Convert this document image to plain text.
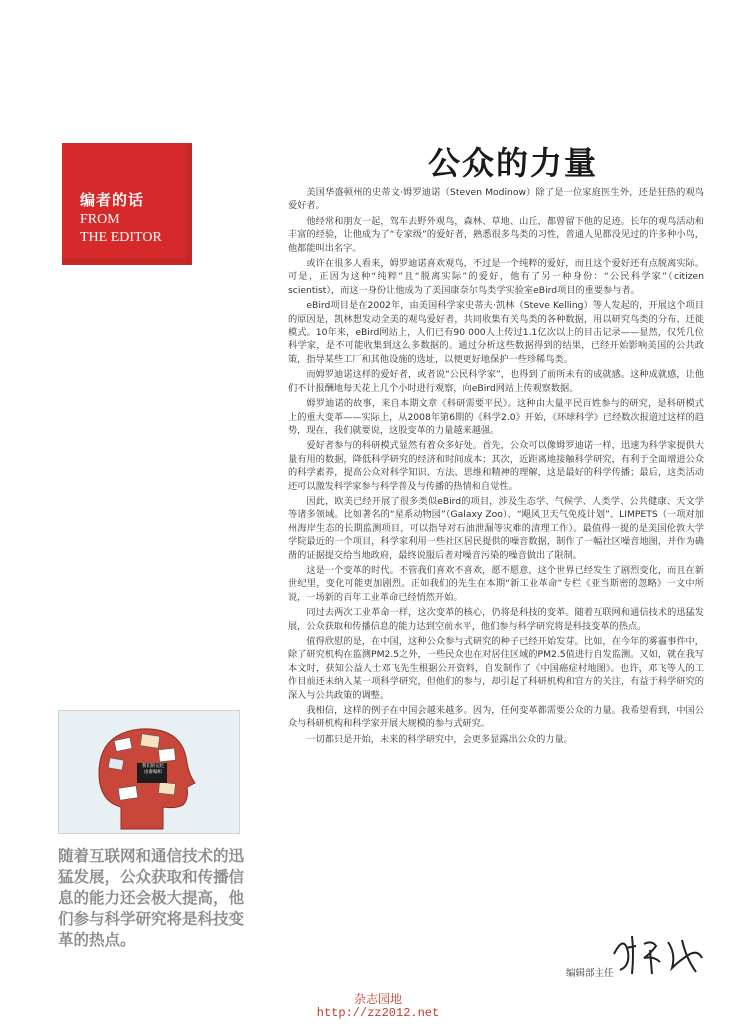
编者的话
FROM
THE EDITOR
公众的力量

美国华盛顿州的史蒂文·姆罗迪诺（Steven Modinow）除了是一位家庭医生外，还是狂热的观鸟爱好者。

他经常和朋友一起，驾车去野外观鸟，森林、草地、山丘，都曾留下他的足迹。长年的观鸟活动和丰富的经验，让他成为了“专家级”的爱好者，熟悉很多鸟类的习性，普通人见都没见过的许多种小鸟，他都能叫出名字。

或许在很多人看来，姆罗迪诺喜欢观鸟，不过是一个纯粹的爱好，而且这个爱好还有点脱离实际。可是，正因为这种“纯粹”且“脱离实际”的爱好，他有了另一种身份：“公民科学家”（citizen scientist），而这一身份让他成为了美国康奈尔鸟类学实验室eBird项目的重要参与者。

eBird项目是在2002年，由美国科学家史蒂夫·凯林（Steve Kelling）等人发起的，开展这个项目的原因是，凯林想发动全美的观鸟爱好者，共同收集有关鸟类的各种数据，用以研究鸟类的分布、迁徙模式。10年来，eBird网站上，人们已有90 000人上传过1.1亿次以上的目击记录——显然，仅凭几位科学家，是不可能收集到这么多数据的。通过分析这些数据得到的结果，已经开始影响美国的公共政策，指导某些工厂和其他设施的选址，以便更好地保护一些珍稀鸟类。

而姆罗迪诺这样的爱好者，或者说“公民科学家”，也得到了前所未有的成就感。这种成就感，让他们不计报酬地每天花上几个小时进行观察，向eBird网站上传观察数据。

姆罗迪诺的故事，来自本期文章《科研需要平民》。这种由大量平民百姓参与的研究，是科研模式上的重大变革——实际上，从2008年第6期的《科学2.0》开始，《环球科学》已经数次报道过这样的趋势，现在，我们就要说，这股变革的力量越来越强。

爱好者参与的科研模式显然有着众多好处。首先，公众可以像姆罗迪诺一样，迅速为科学家提供大量有用的数据，降低科学研究的经济和时间成本；其次，近距离地接触科学研究，有利于全面增进公众的科学素养，提高公众对科学知识、方法、思维和精神的理解，这是最好的科学传播；最后，这类活动还可以激发科学家参与科学普及与传播的热情和自觉性。

因此，欧美已经开展了很多类似eBird的项目，涉及生态学、气候学、人类学、公共健康、天文学等诸多领域。比如著名的“星系动物园”（Galaxy Zoo）、“飓风卫天气免疫计划”、LIMPETS（一项对加州海岸生态的长期监测项目，可以指导对石油泄漏等灾难的清理工作）。最值得一提的是美国伦敦大学学院最近的一个项目，科学家利用一些社区居民提供的噪音数据，制作了一幅社区噪音地图，并作为确凿的证据提交给当地政府，最终说服后者对噪音污染的噪音做出了限制。

这是一个变革的时代。不管我们喜欢不喜欢，愿不愿意，这个世界已经发生了剧烈变化，而且在新世纪里，变化可能更加剧烈。正如我们的先生在本期“新工业革命”专栏《亚当斯密的忽略》一文中所说，一场新的百年工业革命已经悄然开始。

同过去两次工业革命一样，这次变革的核心，仍将是科技的变革。随着互联网和通信技术的迅猛发展，公众获取和传播信息的能力达到空前水平，他们参与科学研究将是科技变革的热点。

值得欣慰的是，在中国，这种公众参与式研究的种子已经开始发芽。比如，在今年的雾霾事件中，除了研究机构在监测PM2.5之外，一些民众也在对居住区域的PM2.5值进行自发监测。又如，就在我写本文时，获知公益人士邓飞先生根据公开资料，自发制作了《中国癌症村地图》。也许，邓飞等人的工作目前还未纳入某一项科学研究，但他们的参与，却引起了科研机构和官方的关注，有益于科学研究的深入与公共政策的调整。

我相信，这样的例子在中国会越来越多。因为，任何变革都需要公众的力量。我希望看到，中国公众与科研机构和科学家开展大规模的参与式研究。

一切都只是开始，未来的科学研究中，会更多显露出公众的力量。

我们的记忆
由谁编织
随着互联网和通信技术的迅猛发展，公众获取和传播信息的能力还会极大提高，他们参与科学研究将是科技变革的热点。
编辑部主任
杂志园地
http://zz2012.net
